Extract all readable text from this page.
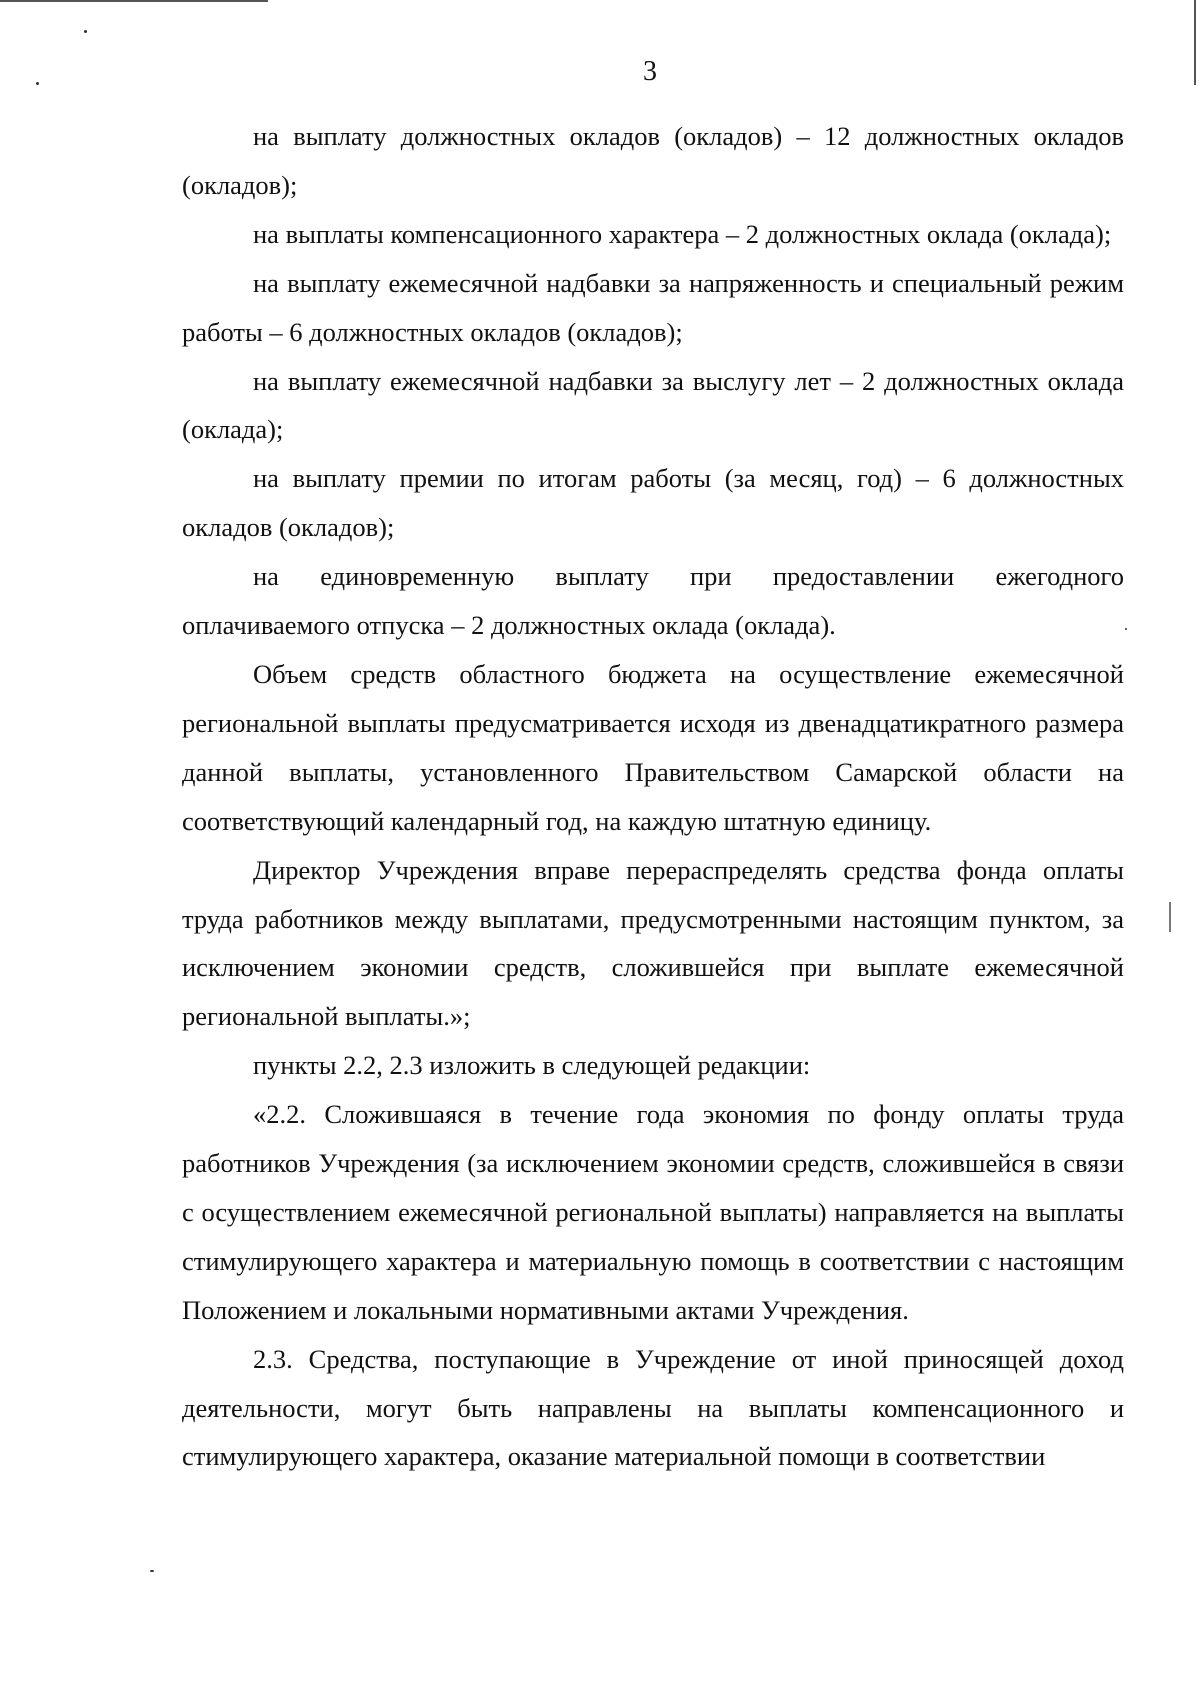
3

на выплату должностных окладов (окладов) – 12 должностных окладов (окладов);

на выплаты компенсационного характера – 2 должностных оклада (оклада);

на выплату ежемесячной надбавки за напряженность и специальный режим работы – 6 должностных окладов (окладов);

на выплату ежемесячной надбавки за выслугу лет – 2 должностных оклада (оклада);

на выплату премии по итогам работы (за месяц, год) – 6 должностных окладов (окладов);

на единовременную выплату при предоставлении ежегодного оплачиваемого отпуска – 2 должностных оклада (оклада).

Объем средств областного бюджета на осуществление ежемесячной региональной выплаты предусматривается исходя из двенадцатикратного размера данной выплаты, установленного Правительством Самарской области на соответствующий календарный год, на каждую штатную единицу.

Директор Учреждения вправе перераспределять средства фонда оплаты труда работников между выплатами, предусмотренными настоящим пунктом, за исключением экономии средств, сложившейся при выплате ежемесячной региональной выплаты.»;

пункты 2.2, 2.3 изложить в следующей редакции:

«2.2. Сложившаяся в течение года экономия по фонду оплаты труда работников Учреждения (за исключением экономии средств, сложившейся в связи с осуществлением ежемесячной региональной выплаты) направляется на выплаты стимулирующего характера и материальную помощь в соответствии с настоящим Положением и локальными нормативными актами Учреждения.

2.3. Средства, поступающие в Учреждение от иной приносящей доход деятельности, могут быть направлены на выплаты компенсационного и стимулирующего характера, оказание материальной помощи в соответствии
